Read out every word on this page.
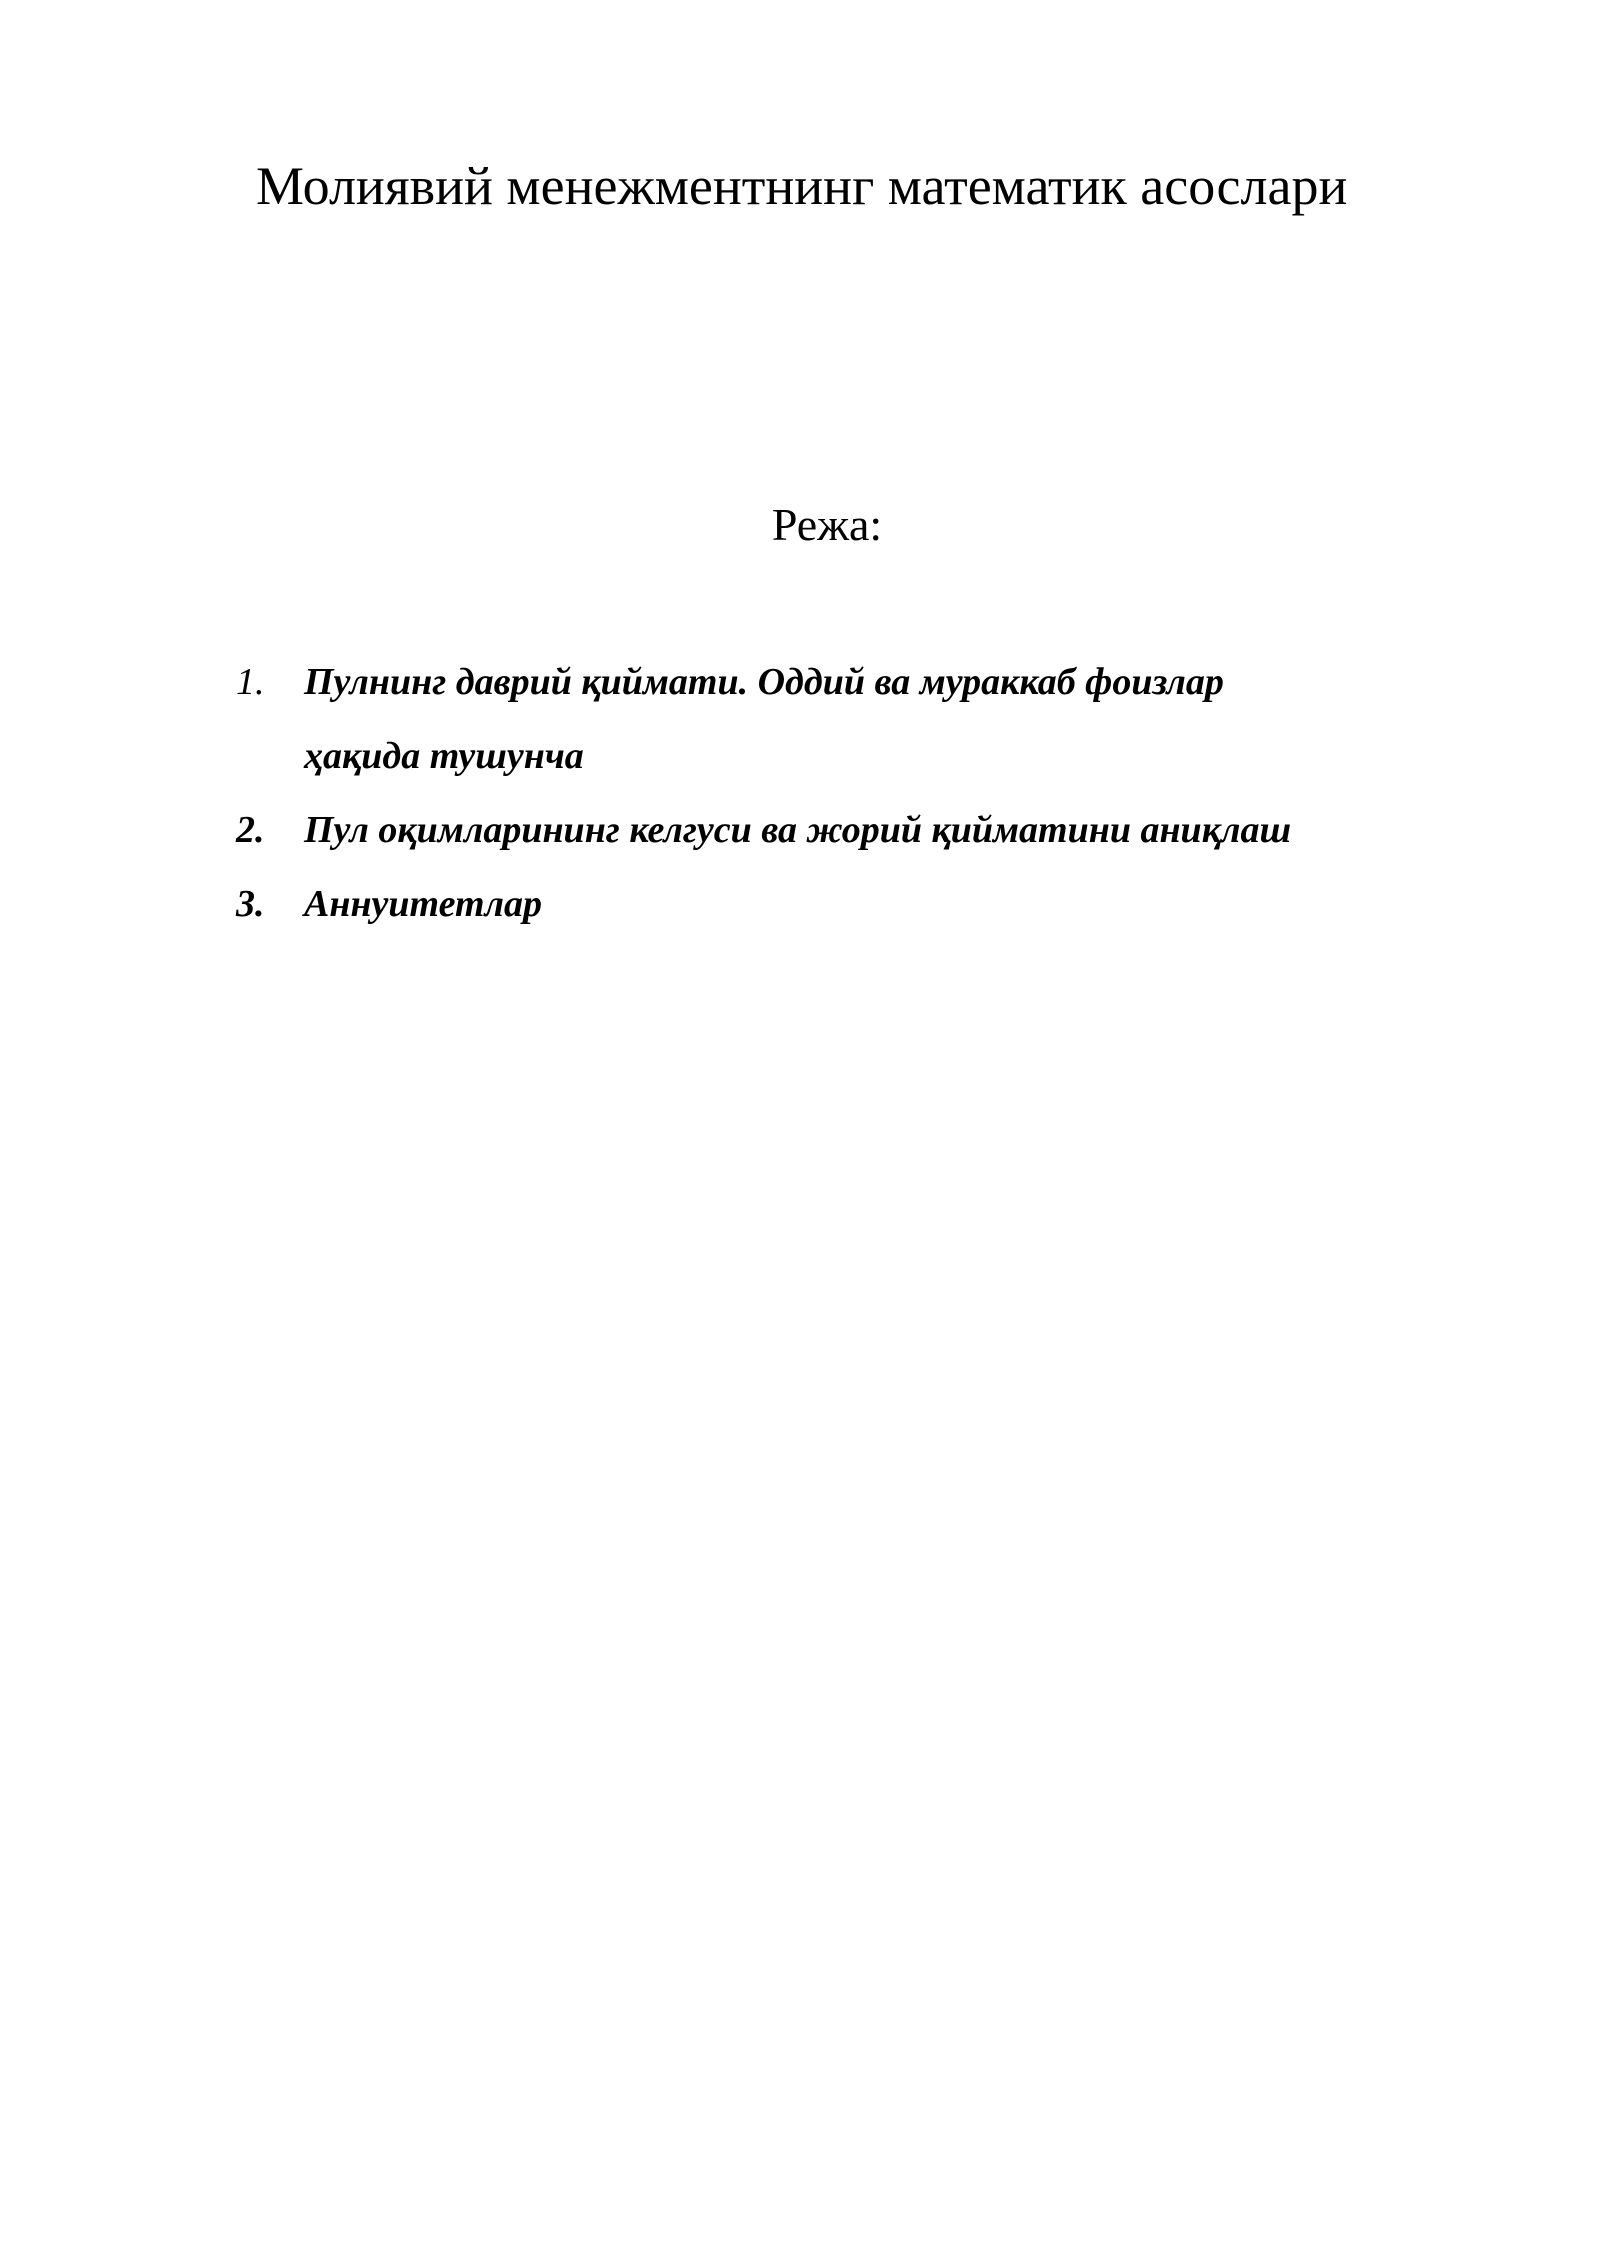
Молиявий менежментнинг математик асослари
Режа:
1.	Пулнинг даврий қиймати. Оддий ва мураккаб фоизлар
ҳақида тушунча
2.	Пул оқимларининг келгуси ва жорий қийматини аниқлаш
3.	Аннуитетлар
